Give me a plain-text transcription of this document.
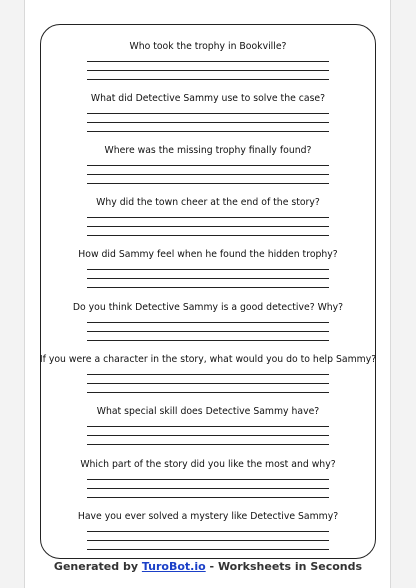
Who took the trophy in Bookville?
What did Detective Sammy use to solve the case?
Where was the missing trophy finally found?
Why did the town cheer at the end of the story?
How did Sammy feel when he found the hidden trophy?
Do you think Detective Sammy is a good detective? Why?
If you were a character in the story, what would you do to help Sammy?
What special skill does Detective Sammy have?
Which part of the story did you like the most and why?
Have you ever solved a mystery like Detective Sammy?
Generated by TuroBot.io - Worksheets in Seconds
